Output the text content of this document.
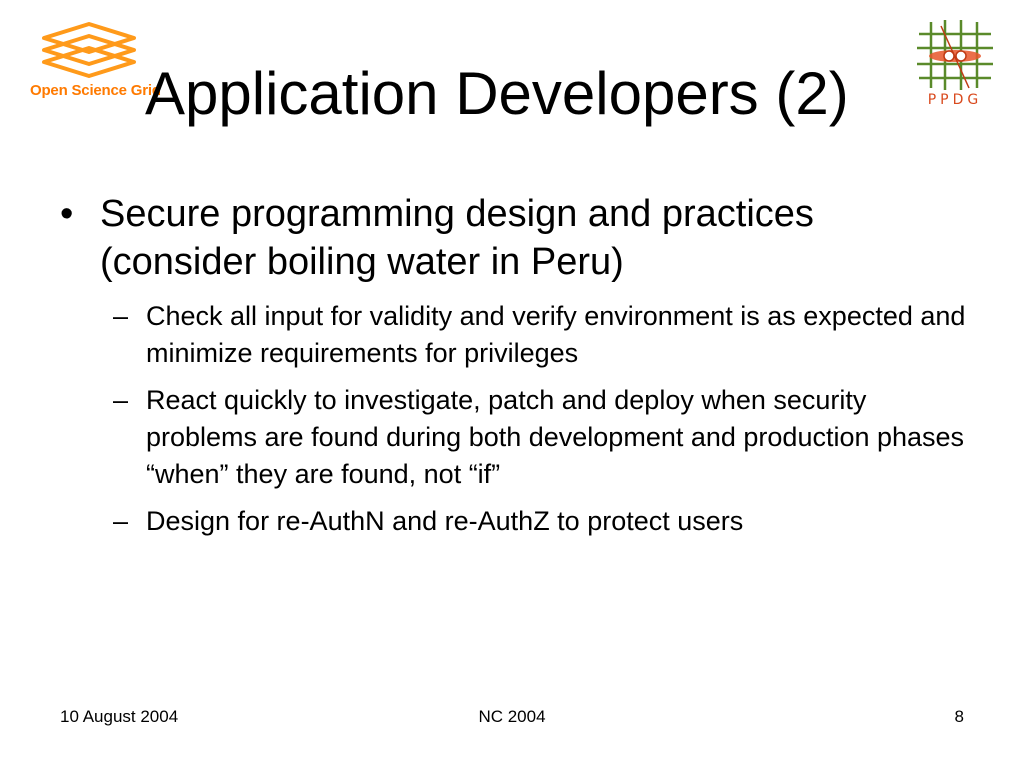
Open Science Grid
PPDG
Application Developers (2)
• Secure programming design and practices (consider boiling water in Peru)
– Check all input for validity and verify environment is as expected and minimize requirements for privileges
– React quickly to investigate, patch and deploy when security problems are found during both development and production phases “when” they are found, not “if”
– Design for re-AuthN and re-AuthZ to protect users
10 August 2004	NC 2004	8
